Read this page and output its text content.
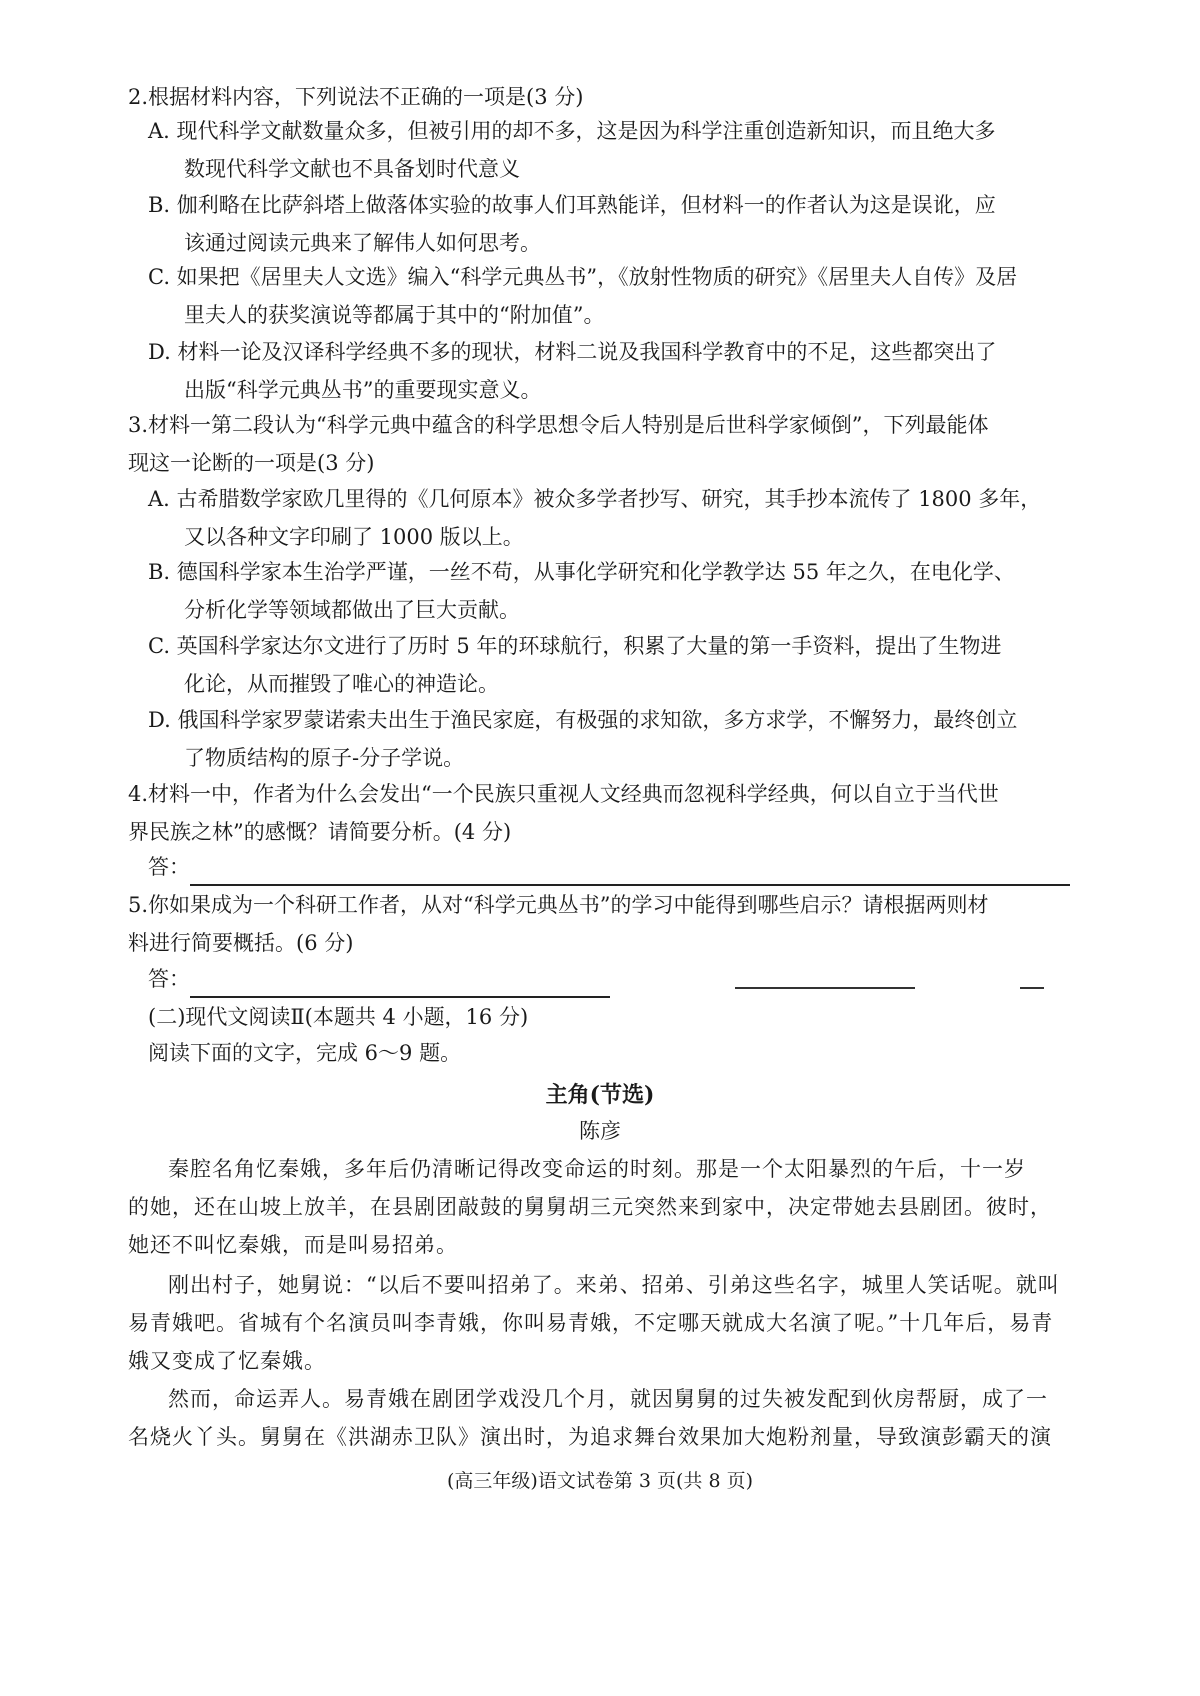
2.根据材料内容，下列说法不正确的一项是(3 分)
A. 现代科学文献数量众多，但被引用的却不多，这是因为科学注重创造新知识，而且绝大多
数现代科学文献也不具备划时代意义
B. 伽利略在比萨斜塔上做落体实验的故事人们耳熟能详，但材料一的作者认为这是误讹，应
该通过阅读元典来了解伟人如何思考。
C. 如果把《居里夫人文选》编入“科学元典丛书”，《放射性物质的研究》《居里夫人自传》及居
里夫人的获奖演说等都属于其中的“附加值”。
D. 材料一论及汉译科学经典不多的现状，材料二说及我国科学教育中的不足，这些都突出了
出版“科学元典丛书”的重要现实意义。
3.材料一第二段认为“科学元典中蕴含的科学思想令后人特别是后世科学家倾倒”，下列最能体
现这一论断的一项是(3 分)
A. 古希腊数学家欧几里得的《几何原本》被众多学者抄写、研究，其手抄本流传了 1800 多年，
又以各种文字印刷了 1000 版以上。
B. 德国科学家本生治学严谨，一丝不苟，从事化学研究和化学教学达 55 年之久，在电化学、
分析化学等领域都做出了巨大贡献。
C. 英国科学家达尔文进行了历时 5 年的环球航行，积累了大量的第一手资料，提出了生物进
化论，从而摧毁了唯心的神造论。
D. 俄国科学家罗蒙诺索夫出生于渔民家庭，有极强的求知欲，多方求学，不懈努力，最终创立
了物质结构的原子-分子学说。
4.材料一中，作者为什么会发出“一个民族只重视人文经典而忽视科学经典，何以自立于当代世
界民族之林”的感慨？请简要分析。(4 分)
答：
5.你如果成为一个科研工作者，从对“科学元典丛书”的学习中能得到哪些启示？请根据两则材
料进行简要概括。(6 分)
答：
(二)现代文阅读Ⅱ(本题共 4 小题，16 分)
阅读下面的文字，完成 6～9 题。
主角(节选)
陈彦
秦腔名角忆秦娥，多年后仍清晰记得改变命运的时刻。那是一个太阳暴烈的午后，十一岁
的她，还在山坡上放羊，在县剧团敲鼓的舅舅胡三元突然来到家中，决定带她去县剧团。彼时，
她还不叫忆秦娥，而是叫易招弟。
刚出村子，她舅说：“以后不要叫招弟了。来弟、招弟、引弟这些名字，城里人笑话呢。就叫
易青娥吧。省城有个名演员叫李青娥，你叫易青娥，不定哪天就成大名演了呢。”十几年后，易青
娥又变成了忆秦娥。
然而，命运弄人。易青娥在剧团学戏没几个月，就因舅舅的过失被发配到伙房帮厨，成了一
名烧火丫头。舅舅在《洪湖赤卫队》演出时，为追求舞台效果加大炮粉剂量，导致演彭霸天的演
(高三年级)语文试卷第 3 页(共 8 页)
